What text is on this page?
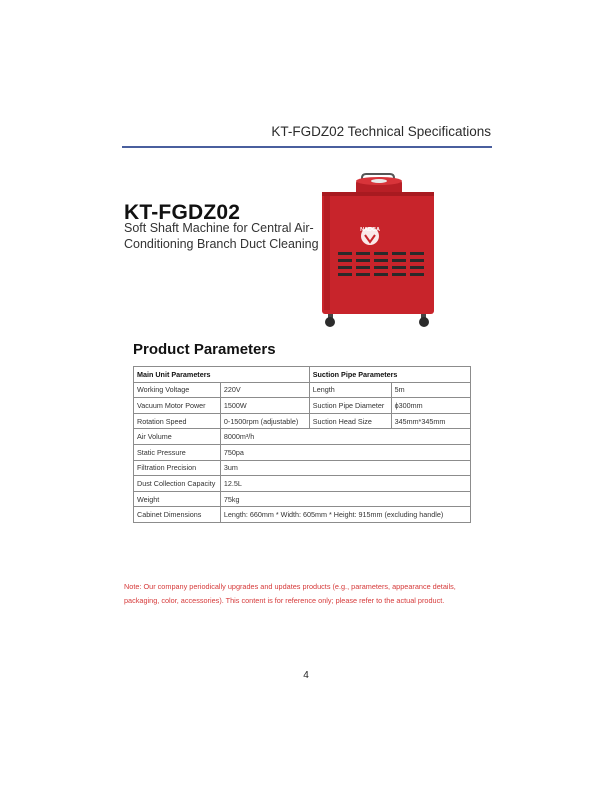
KT-FGDZ02 Technical Specifications
KT-FGDZ02
Soft Shaft Machine for Central Air-Conditioning Branch Duct Cleaning
NADCA
Product Parameters
Main Unit Parameters		Suction Pipe Parameters	
Working Voltage	220V	Length	5m
Vacuum Motor Power	1500W	Suction Pipe Diameter	ϕ300mm
Rotation Speed	0-1500rpm (adjustable)	Suction Head Size	345mm*345mm
Air Volume	8000m³/h		
Static Pressure	750pa		
Filtration Precision	3um		
Dust Collection Capacity	12.5L		
Weight	75kg		
Cabinet Dimensions	Length: 660mm * Width: 605mm * Height: 915mm (excluding handle)		
Note: Our company periodically upgrades and updates products (e.g., parameters, appearance details, packaging, color, accessories). This content is for reference only; please refer to the actual product.
4
